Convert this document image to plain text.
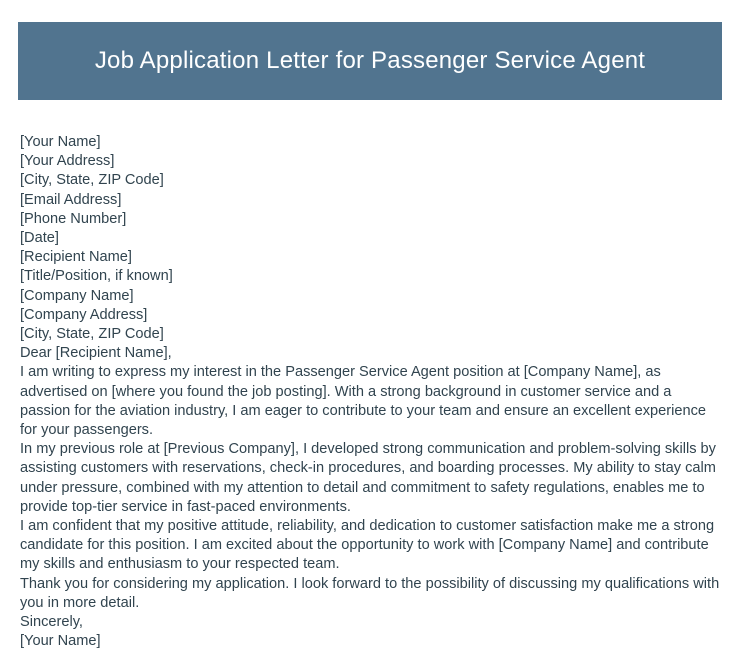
Job Application Letter for Passenger Service Agent
[Your Name]
[Your Address]
[City, State, ZIP Code]
[Email Address]
[Phone Number]
[Date]
[Recipient Name]
[Title/Position, if known]
[Company Name]
[Company Address]
[City, State, ZIP Code]
Dear [Recipient Name],

I am writing to express my interest in the Passenger Service Agent position at [Company Name], as advertised on [where you found the job posting]. With a strong background in customer service and a passion for the aviation industry, I am eager to contribute to your team and ensure an excellent experience for your passengers.

In my previous role at [Previous Company], I developed strong communication and problem-solving skills by assisting customers with reservations, check-in procedures, and boarding processes. My ability to stay calm under pressure, combined with my attention to detail and commitment to safety regulations, enables me to provide top-tier service in fast-paced environments.

I am confident that my positive attitude, reliability, and dedication to customer satisfaction make me a strong candidate for this position. I am excited about the opportunity to work with [Company Name] and contribute my skills and enthusiasm to your respected team.

Thank you for considering my application. I look forward to the possibility of discussing my qualifications with you in more detail.

Sincerely,
[Your Name]
